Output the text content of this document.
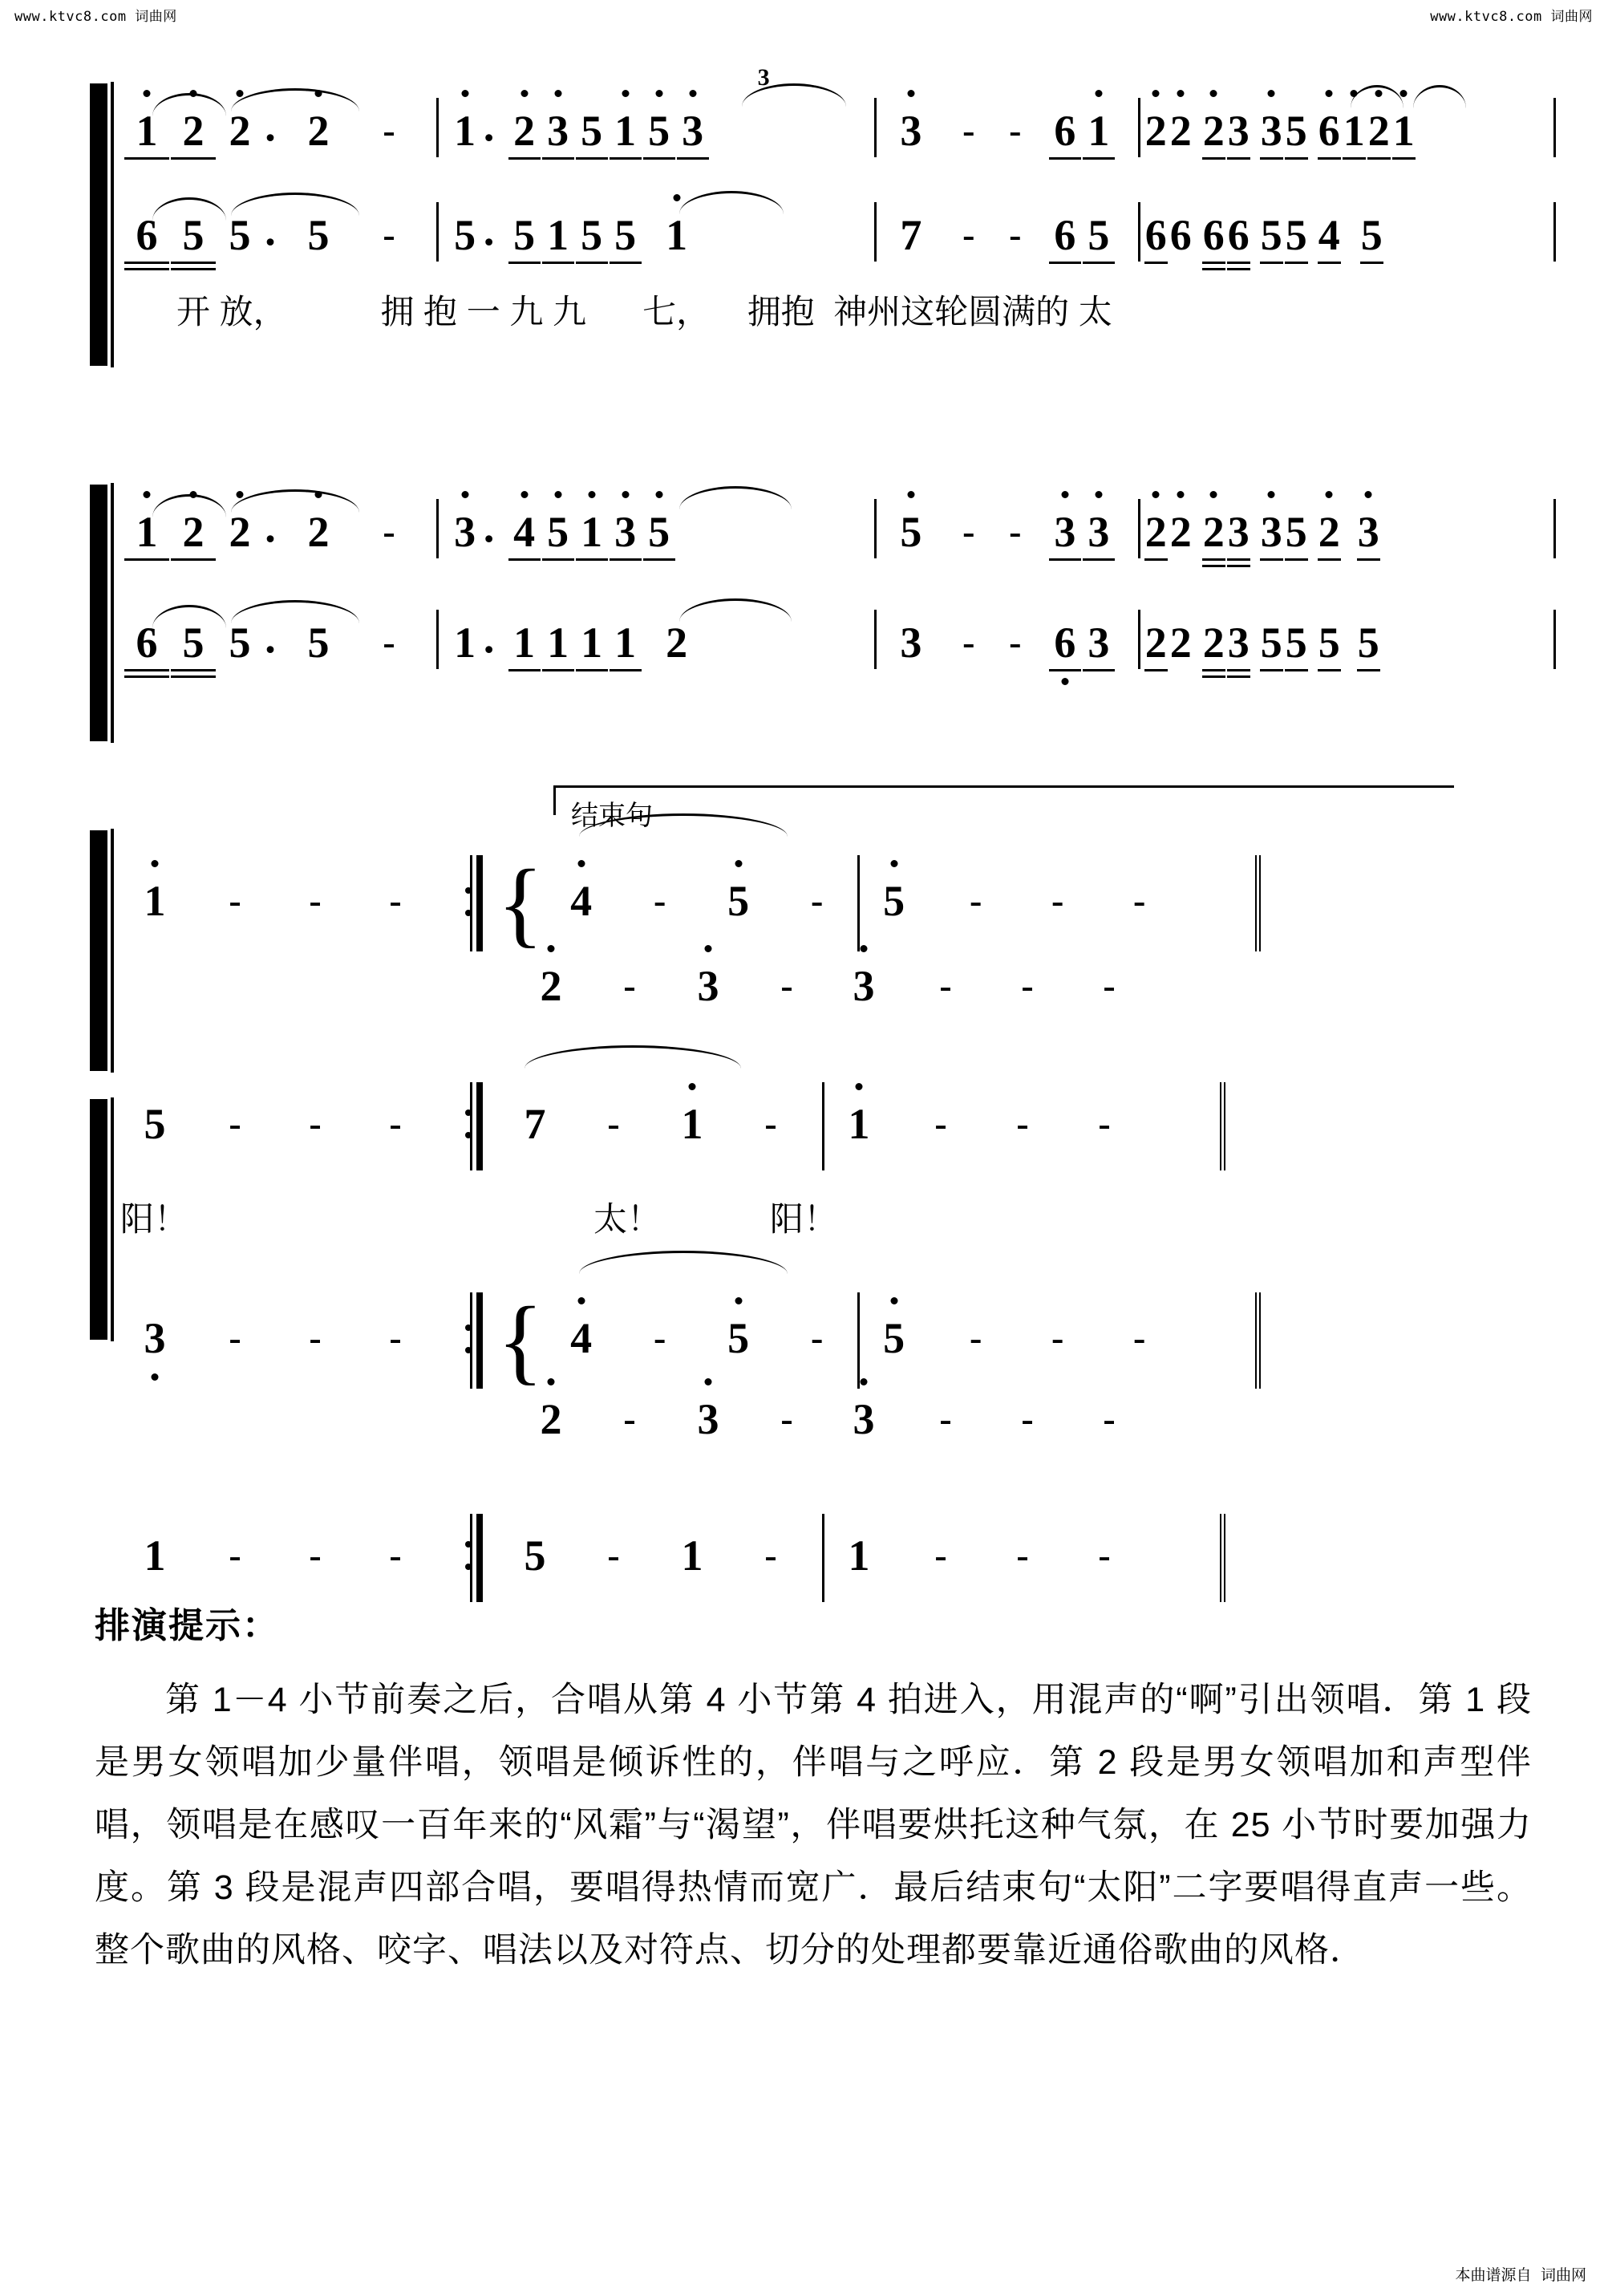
www.ktvc8.com 词曲网	www.ktvc8.com 词曲网
本曲谱源自 词曲网
1 2 2 . 2	-	1 . 2 3 5 1 5 3
3
3	- - 6 1 2 2 2 3 3 5 6 1 2 1
6 5 5 . 5	-	5 . 5 1 5 5 1	7	- - 6 5 6 6 6 6 5 5 4 5

开 放，          拥 抱 一 九 九      七，    拥抱  神州这轮圆满的 太

1 2 2 . 2	-	3 . 4 5 1 3 5	5	- - 3 3 2 2 2 3 3 5 2 3
6 5 5 . 5	-	1 . 1 1 1 1 2	3	- - 6 3 2 2 2 3 5 5 5 5
结束句
1	-	-	- { 4	-	5	-	5	-	-	-
2	-	3	-	3	-	-	-
5	-	-	-	7	-	1	-	1	-	-	-

阳！

	太！

	阳！

3	-	-	- { 4	-	5	-	5	-	-	-
2	-	3	-	3	-	-	-
1	-	-	-	5	-	1	-	1	-	-	-
排演提示：
第 1－4 小节前奏之后，合唱从第 4 小节第 4 拍进入，用混声的“啊”引出领唱．第 1 段是男女领唱加少量伴唱，领唱是倾诉性的，伴唱与之呼应．第 2 段是男女领唱加和声型伴唱，领唱是在感叹一百年来的“风霜”与“渴望”，伴唱要烘托这种气氛，在 25 小节时要加强力度。第 3 段是混声四部合唱，要唱得热情而宽广．最后结束句“太阳”二字要唱得直声一些。整个歌曲的风格、咬字、唱法以及对符点、切分的处理都要靠近通俗歌曲的风格．
